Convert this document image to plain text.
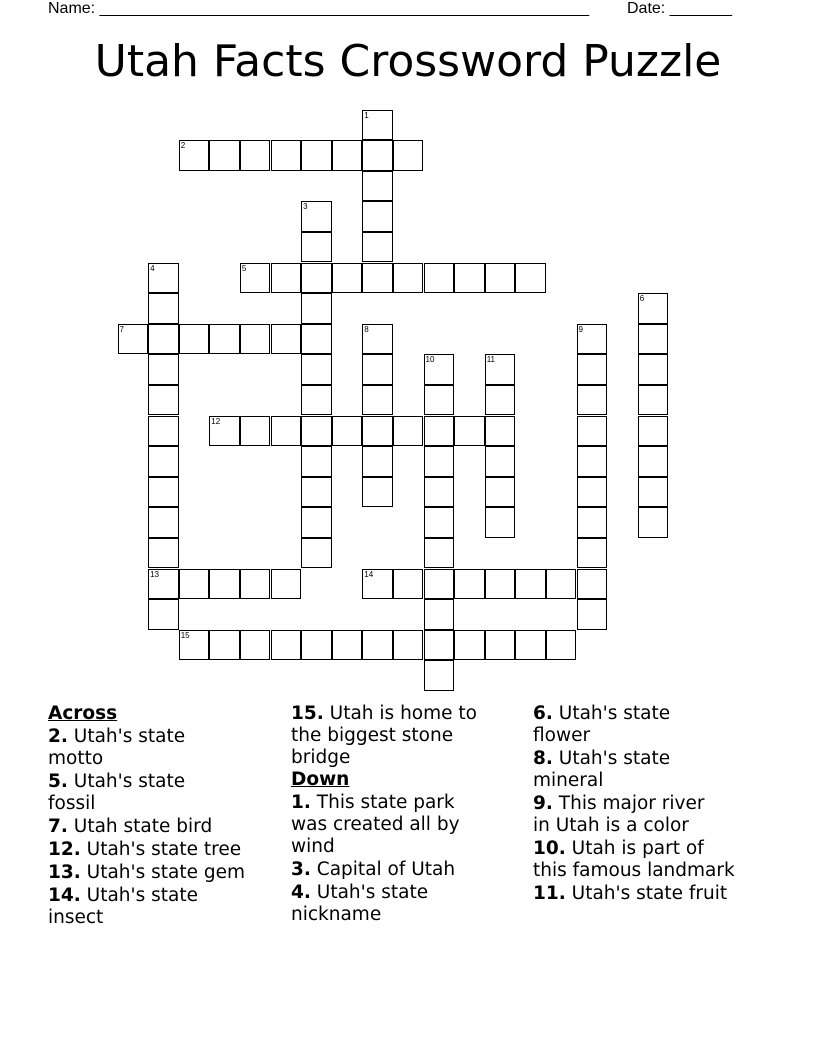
Name: _______________________________________________________ Date: _______
Utah Facts Crossword Puzzle
1
2
3
4
13
5
6
7	8	9
10	11
12
14
15
Across
2. Utah's state
motto
5. Utah's state
fossil
7. Utah state bird
12. Utah's state tree
13. Utah's state gem
14. Utah's state
insect
15. Utah is home to
the biggest stone
bridge
Down
1. This state park
was created all by
wind
3. Capital of Utah
4. Utah's state
nickname
6. Utah's state
flower
8. Utah's state
mineral
9. This major river
in Utah is a color
10. Utah is part of
this famous landmark
11. Utah's state fruit
